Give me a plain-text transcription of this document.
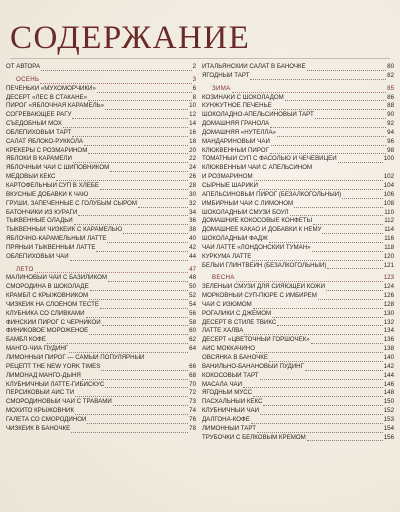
СОДЕРЖАНИЕ
ОТ АВТОРА	2
ОСЕНЬ	3
ПЕЧЕНЬКИ «МУХОМОРЧИКИ»	6
ДЕСЕРТ «ЛЕС В СТАКАНЕ»	8
ПИРОГ «ЯБЛОЧНАЯ КАРАМЕЛЬ»	10
СОГРЕВАЮЩЕЕ РАГУ	12
СЪЕДОБНЫЙ МОХ	14
ОБЛЕПИХОВЫЙ ТАРТ	16
САЛАТ ЯБЛОКО-РУККОЛА	18
КРЕКЕРЫ С РОЗМАРИНОМ	20
ЯБЛОКИ В КАРАМЕЛИ	22
ЯБЛОЧНЫЙ ЧАЙ С ШИПОВНИКОМ	24
МЕДОВЫЙ КЕКС	26
КАРТОФЕЛЬНЫЙ СУП В ХЛЕБЕ	28
ВКУСНЫЕ ДОБАВКИ К ЧАЮ	30
ГРУШИ, ЗАПЕЧЁННЫЕ С ГОЛУБЫМ СЫРОМ	32
БАТОНЧИКИ ИЗ КУРАГИ	34
ТЫКВЕННЫЕ ОЛАДЬИ	36
ТЫКВЕННЫЙ ЧИЗКЕЙК С КАРАМЕЛЬЮ	38
ЯБЛОЧНО-КАРАМЕЛЬНЫЙ ЛАТТЕ	40
ПРЯНЫЙ ТЫКВЕННЫЙ ЛАТТЕ	42
ОБЛЕПИХОВЫЙ ЧАЙ	44
ЛЕТО	47
МАЛИНОВЫЙ ЧАЙ С БАЗИЛИКОМ	48
СМОРОДИНА В ШОКОЛАДЕ	50
КРАМБЛ С КРЫЖОВНИКОМ	52
ЧИЗКЕЙК НА СЛОЁНОМ ТЕСТЕ	54
КЛУБНИКА СО СЛИВКАМИ	56
ФИНСКИЙ ПИРОГ С ЧЕРНИКОЙ	58
ФИНИКОВОЕ МОРОЖЕНОЕ	60
БАМБЛ КОФЕ	62
МАНГО-ЧИА ПУДИНГ	64
ЛИМОННЫЙ ПИРОГ — САМЫЙ ПОПУЛЯРНЫЙ
РЕЦЕПТ THE NEW YORK TIMES	66
ЛИМОНАД МАНГО-ДЫНЯ	68
КЛУБНИЧНЫЙ ЛАТТЕ-ГИБИСКУС	70
ПЕРСИКОВЫЙ АЙС ТИ	72
СМОРОДИНОВЫЙ ЧАЙ С ТРАВАМИ	73
МОХИТО КРЫЖОВНИК	74
ГАЛЕТА СО СМОРОДИНОЙ	76
ЧИЗКЕЙК В БАНОЧКЕ	78
ИТАЛЬЯНСКИЙ САЛАТ В БАНОЧКЕ	80
ЯГОДНЫЙ ТАРТ	82
ЗИМА	85
КОЗИНАКИ С ШОКОЛАДОМ	86
КУНЖУТНОЕ ПЕЧЕНЬЕ	88
ШОКОЛАДНО-АПЕЛЬСИНОВЫЙ ТАРТ	90
ДОМАШНЯЯ ГРАНОЛА	92
ДОМАШНЯЯ «НУТЕЛЛА»	94
МАНДАРИНОВЫЙ ЧАЙ	96
КЛЮКВЕННЫЙ ПИРОГ	98
ТОМАТНЫЙ СУП С ФАСОЛЬЮ И ЧЕЧЕВИЦЕЙ	100
КЛЮКВЕННЫЙ ЧАЙ С АПЕЛЬСИНОМ
И РОЗМАРИНОМ	102
СЫРНЫЕ ШАРИКИ	104
АПЕЛЬСИНОВЫЙ ПИРОГ (БЕЗАЛКОГОЛЬНЫЙ)	106
ИМБИРНЫЙ ЧАЙ С ЛИМОНОМ	108
ШОКОЛАДНЫЙ СМУЗИ БОУЛ	110
ДОМАШНИЕ КОКОСОВЫЕ КОНФЕТЫ	112
ДОМАШНЕЕ КАКАО И ДОБАВКИ К НЕМУ	114
ШОКОЛАДНЫЙ ФАДЖ	116
ЧАЙ ЛАТТЕ «ЛОНДОНСКИЙ ТУМАН»	118
КУРКУМА ЛАТТЕ	120
БЕЛЫЙ ГЛИНТВЕЙН (БЕЗАЛКОГОЛЬНЫЙ)	121
ВЕСНА	123
ЗЕЛЁНЫЙ СМУЗИ ДЛЯ СИЯЮЩЕЙ КОЖИ	124
МОРКОВНЫЙ СУП-ПЮРЕ С ИМБИРЁМ	126
ЧАЙ С ИЗЮМОМ	128
РОГАЛИКИ С ДЖЕМОМ	130
ДЕСЕРТ В СТИЛЕ ТВИКС	132
ЛАТТЕ ХАЛВА	134
ДЕСЕРТ «ЦВЕТОЧНЫЙ ГОРШОЧЕК»	136
АЙС МОККАЧИНО	138
ОВСЯНКА В БАНОЧКЕ	140
ВАНИЛЬНО-БАНАНОВЫЙ ПУДИНГ	142
КОКОСОВЫЙ ТАРТ	144
МАСАЛА ЧАЙ	146
ЯГОДНЫЙ МУСС	148
ПАСХАЛЬНЫЙ КЕКС	150
КЛУБНИЧНЫЙ ЧАЙ	152
ДАЛГОНА-КОФЕ	153
ЛИМОННЫЙ ТАРТ	154
ТРУБОЧКИ С БЕЛКОВЫМ КРЕМОМ	156
